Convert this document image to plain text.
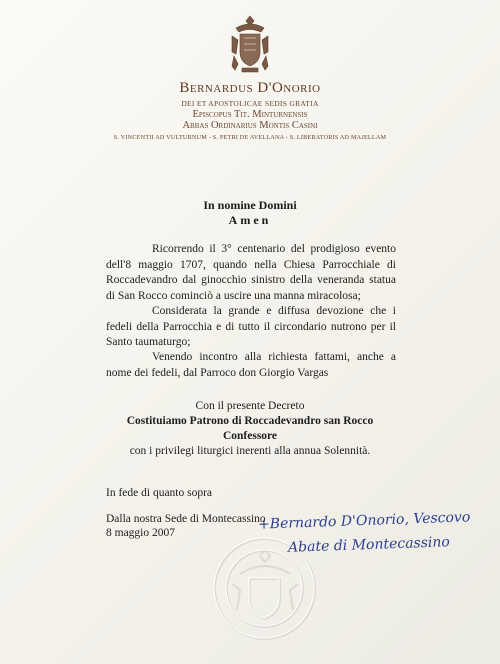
Bernardus D'Onorio
DEI ET APOSTOLICAE SEDIS GRATIA
Episcopus Tit. Minturnensis
Abbas Ordinarius Montis Casini
S. VINCENTII AD VULTURNUM - S. PETRI DE AVELLANA - S. LIBERATORIS AD MAJELLAM
In nomine Domini
Amen
Ricorrendo il 3° centenario del prodigioso evento dell'8 maggio 1707, quando nella Chiesa Parrocchiale di Roccadevandro dal ginocchio sinistro della veneranda statua di San Rocco cominciò a uscire una manna miracolosa;
Considerata la grande e diffusa devozione che i fedeli della Parrocchia e di tutto il circondario nutrono per il Santo taumaturgo;
Venendo incontro alla richiesta fattami, anche a nome dei fedeli, dal Parroco don Giorgio Vargas
Con il presente Decreto
Costituiamo Patrono di Roccadevandro san Rocco
Confessore
con i privilegi liturgici inerenti alla annua Solennità.
In fede di quanto sopra
Dalla nostra Sede di Montecassino
8 maggio 2007
+Bernardo D'Onorio, Vescovo
Abate di Montecassino
